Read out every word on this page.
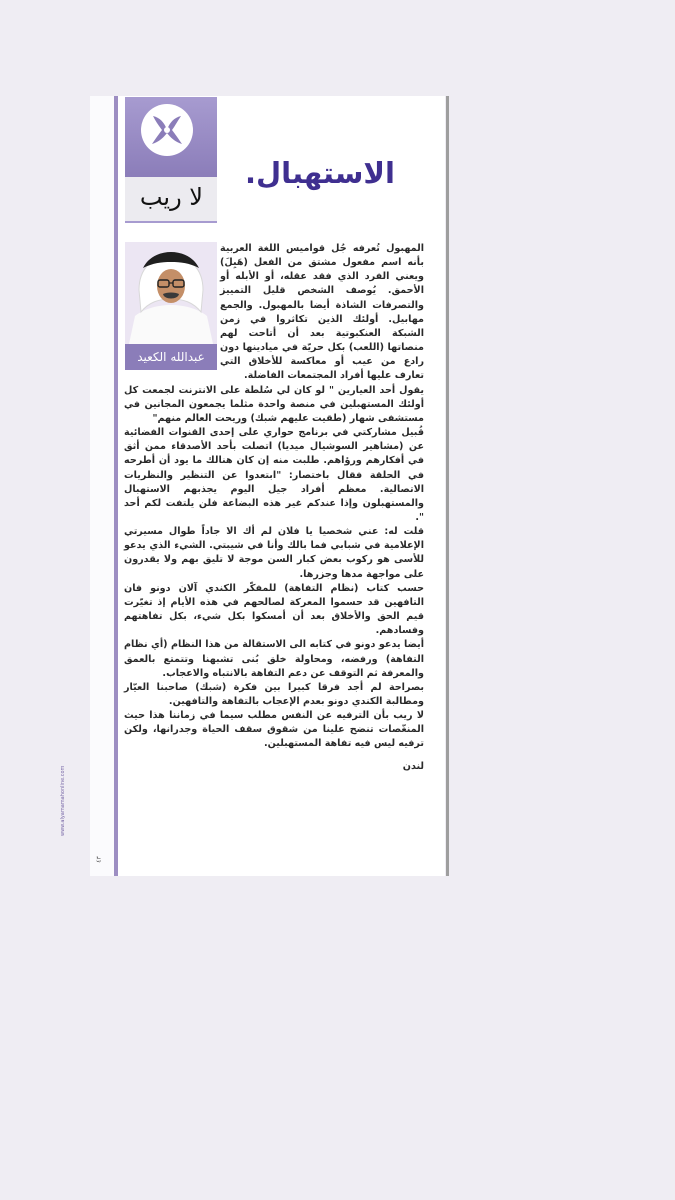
www.alyamamahonline.com
٤٣
لا ريب
الاستهبال.
عبدالله الكعيد

المهبول تُعرفه جُل قواميس اللغة العربية بأنه اسم مفعول مشتق من الفعل (هَبِلَ) ويعني الفرد الذي فقد عقله، أو الأبله أو الأحمق. يُوصف الشخص قليل التمييز والتصرفات الشاذة أيضا بالمهبول. والجمع مهابيل. أولئك الذين تكاثروا في زمن الشبكة العنكبوتية بعد أن أتاحت لهم منصاتها (اللعب) بكل حريّة في ميادينها دون رادع من عيب أو معاكسة للأخلاق التي تعارف عليها أفراد المجتمعات الفاضلة.

يقول أحد العيارين " لو كان لي سُلطة على الانترنت لجمعت كل أولئك المستهبلين في منصة واحدة مثلما يجمعون المجانين في مستشفى شهار (طقيت عليهم شبك) وريحت العالم منهم"

قُبيل مشاركتي في برنامج حواري على إحدى القنوات الفضائية عن (مشاهير السوشيال ميديا) اتصلت بأحد الأصدقاء ممن أثق في أفكارهم ورؤاهم. طلبت منه إن كان هنالك ما يود أن أطرحه في الحلقة فقال باختصار: "ابتعدوا عن التنظير والنظريات الاتصالية. معظم أفراد جيل اليوم يجذبهم الاستهبال والمستهبلون وإذا عندكم غير هذه البضاعة فلن يلتفت لكم أحد ".

قلت له: عني شخصيا يا فلان لم أك الا جاداً طوال مسيرتي الإعلامية في شبابي فما بالك وأنا في شيبتي. الشيء الذي يدعو للأسى هو ركوب بعض كبار السن موجة لا تليق بهم ولا يقدرون على مواجهة مدها وجزرها.

حسب كتاب (نظام التفاهة) للمفكّر الكندي آلان دونو فان التافهين قد حسموا المعركة لصالحهم في هذه الأيام إذ تغيّرت قيم الحق والأخلاق بعد أن أمسكوا بكل شيء، بكل تفاهتهم وفسادهم.

أيضا يدعو دونو في كتابه الى الاستقالة من هذا النظام (أي نظام التفاهة) ورفضه، ومحاولة خلق بُنى تشبهنا وتتمتع بالعمق والمعرفة ثم التوقف عن دعم التفاهة بالانتباه والاعجاب.

بصراحة لم أجد فرقا كبيرا بين فكرة (شبك) صاحبنا العيّار ومطالبة الكندي دونو بعدم الإعجاب بالتفاهة والتافهين.

لا ريب بأن الترفيه عن النفس مطلب سيما في زماننا هذا حيث المنغّصات تنضح علينا من شقوق سقف الحياة وجدرانها، ولكن ترفيه ليس فيه تفاهة المستهبلين.

لندن
